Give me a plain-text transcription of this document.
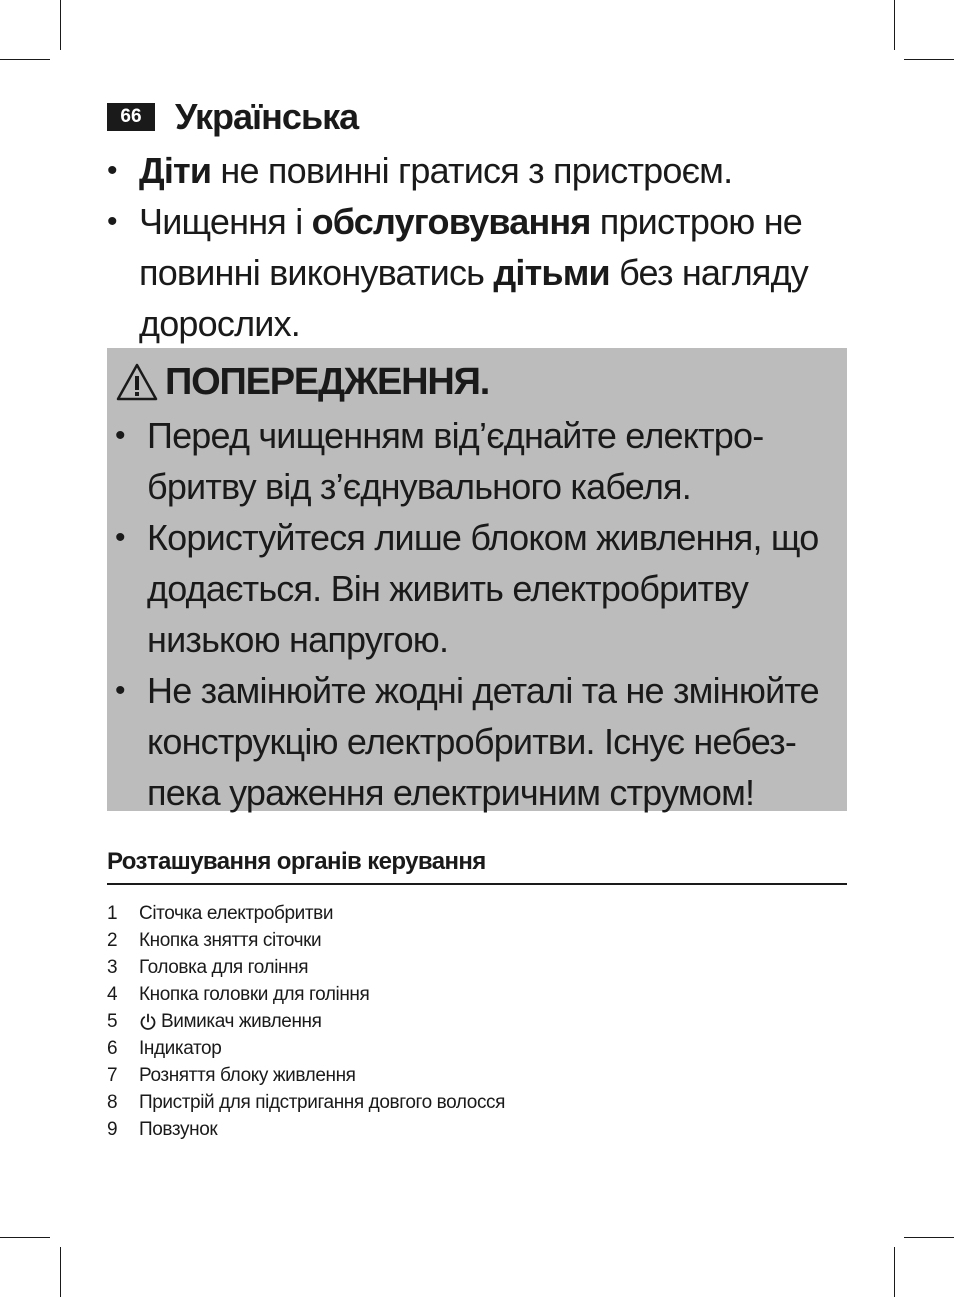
66 Українська
• Діти не повинні гратися з пристроєм.
• Чищення і обслуговування пристрою не повинні виконуватись дітьми без нагляду дорослих.
ПОПЕРЕДЖЕННЯ.
• Перед чищенням від’єднайте електро-бритву від з’єднувального кабеля.
• Користуйтеся лише блоком живлення, що додається. Він живить електробритву низькою напругою.
• Не замінюйте жодні деталі та не змінюйте конструкцію електробритви. Існує небез-пека ураження електричним струмом!
Розташування органів керування
1	Сіточка електробритви
2	Кнопка зняття сіточки
3	Головка для гоління
4	Кнопка головки для гоління
5	Вимикач живлення
6	Індикатор
7	Розняття блоку живлення
8	Пристрій для підстригання довгого волосся
9	Повзунок
